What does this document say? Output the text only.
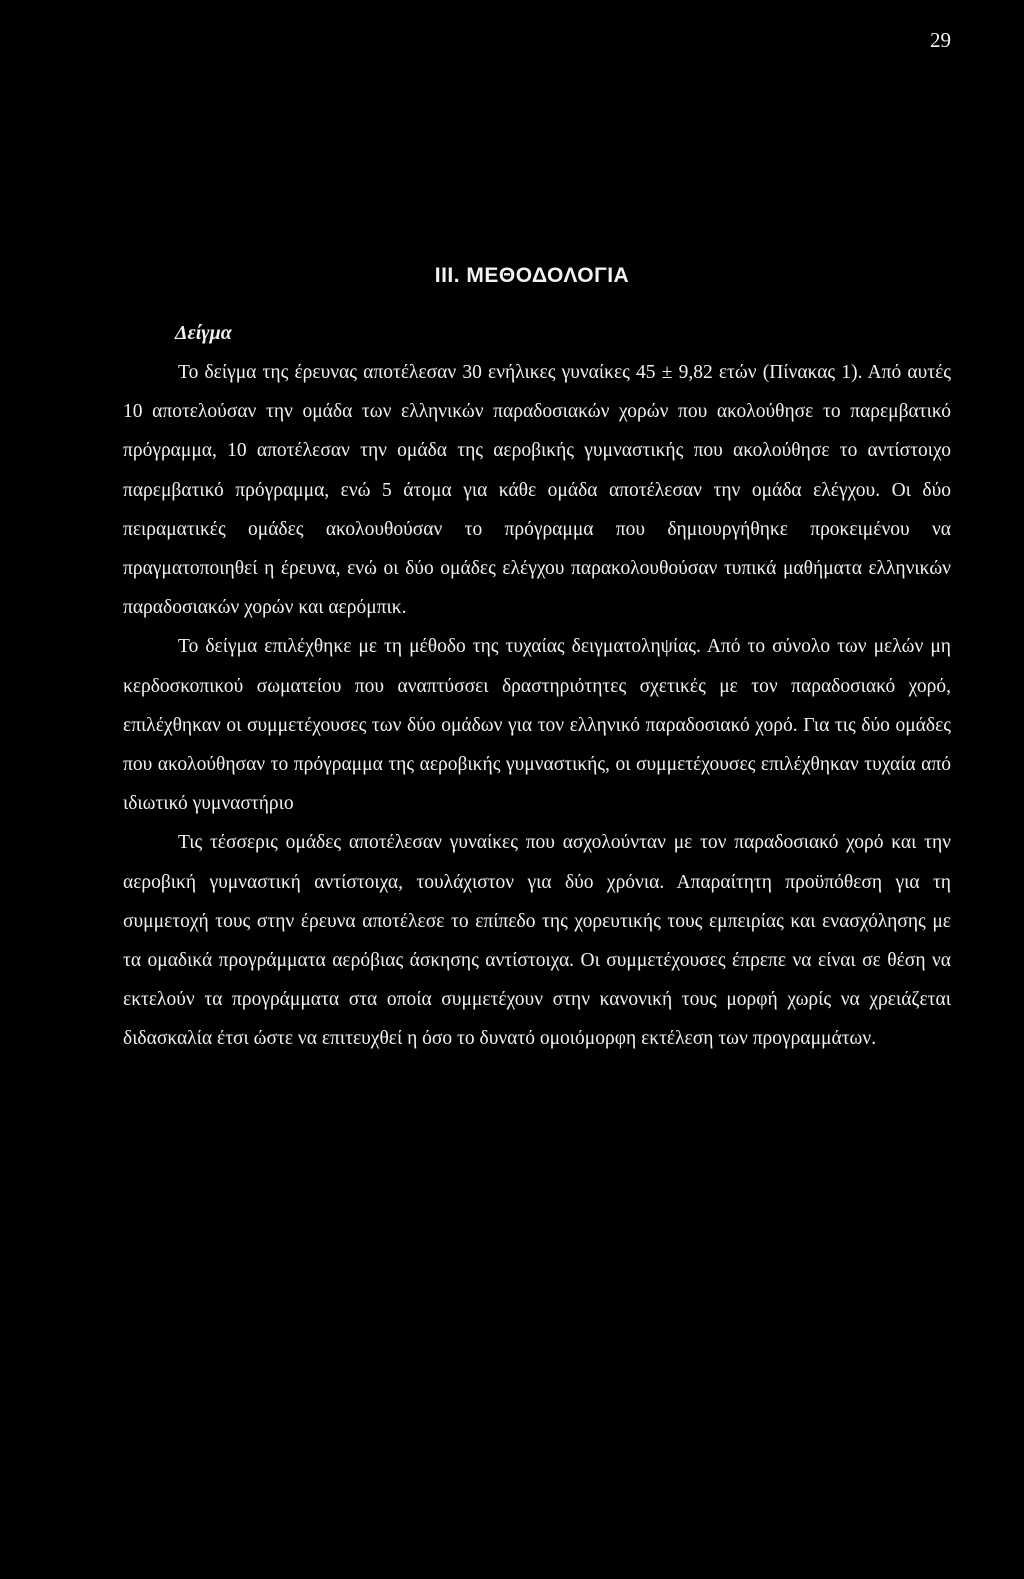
29
III. ΜΕΘΟΔΟΛΟΓΙΑ
Δείγμα

Το δείγμα της έρευνας αποτέλεσαν 30 ενήλικες γυναίκες 45 ± 9,82 ετών (Πίνακας 1). Από αυτές 10 αποτελούσαν την ομάδα των ελληνικών παραδοσιακών χορών που ακολούθησε το παρεμβατικό πρόγραμμα, 10 αποτέλεσαν την ομάδα της αεροβικής γυμναστικής που ακολούθησε το αντίστοιχο παρεμβατικό πρόγραμμα, ενώ 5 άτομα για κάθε ομάδα αποτέλεσαν την ομάδα ελέγχου. Οι δύο πειραματικές ομάδες ακολουθούσαν το πρόγραμμα που δημιουργήθηκε προκειμένου να πραγματοποιηθεί η έρευνα, ενώ οι δύο ομάδες ελέγχου παρακολουθούσαν τυπικά μαθήματα ελληνικών παραδοσιακών χορών και αερόμπικ.

Το δείγμα επιλέχθηκε με τη μέθοδο της τυχαίας δειγματοληψίας. Από το σύνολο των μελών μη κερδοσκοπικού σωματείου που αναπτύσσει δραστηριότητες σχετικές με τον παραδοσιακό χορό, επιλέχθηκαν οι συμμετέχουσες των δύο ομάδων για τον ελληνικό παραδοσιακό χορό. Για τις δύο ομάδες που ακολούθησαν το πρόγραμμα της αεροβικής γυμναστικής, οι συμμετέχουσες επιλέχθηκαν τυχαία από ιδιωτικό γυμναστήριο

Τις τέσσερις ομάδες αποτέλεσαν γυναίκες που ασχολούνταν με τον παραδοσιακό χορό και την αεροβική γυμναστική αντίστοιχα, τουλάχιστον για δύο χρόνια. Απαραίτητη προϋπόθεση για τη συμμετοχή τους στην έρευνα αποτέλεσε το επίπεδο της χορευτικής τους εμπειρίας και ενασχόλησης με τα ομαδικά προγράμματα αερόβιας άσκησης αντίστοιχα. Οι συμμετέχουσες έπρεπε να είναι σε θέση να εκτελούν τα προγράμματα στα οποία συμμετέχουν στην κανονική τους μορφή χωρίς να χρειάζεται διδασκαλία έτσι ώστε να επιτευχθεί η όσο το δυνατό ομοιόμορφη εκτέλεση των προγραμμάτων.
